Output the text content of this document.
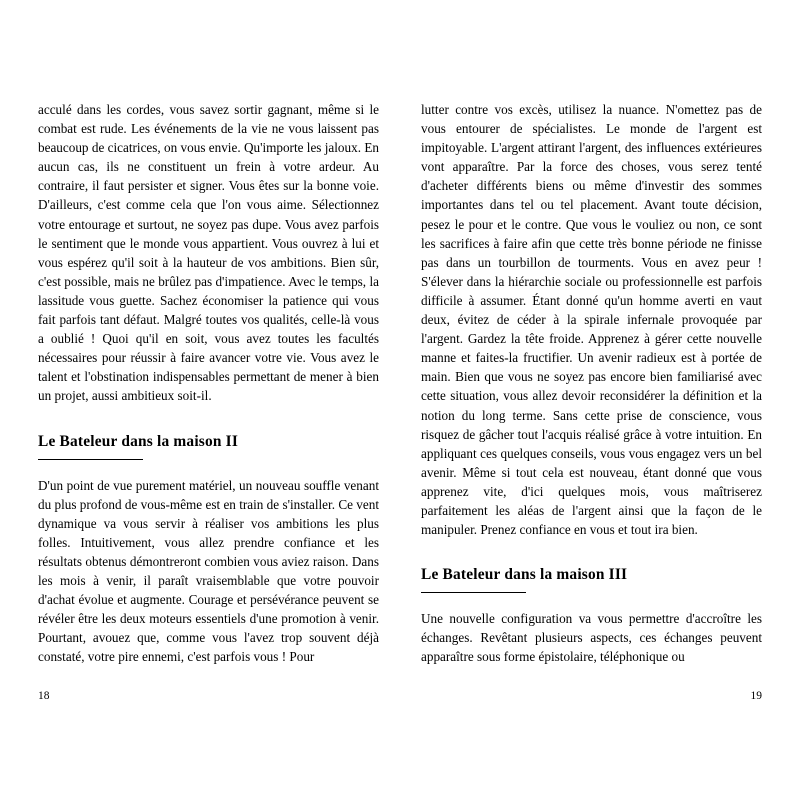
acculé dans les cordes, vous savez sortir gagnant, même si le combat est rude. Les événements de la vie ne vous laissent pas beaucoup de cicatrices, on vous envie. Qu'importe les jaloux. En aucun cas, ils ne constituent un frein à votre ardeur. Au contraire, il faut persister et signer. Vous êtes sur la bonne voie. D'ailleurs, c'est comme cela que l'on vous aime. Sélectionnez votre entourage et surtout, ne soyez pas dupe. Vous avez parfois le sentiment que le monde vous appartient. Vous ouvrez à lui et vous espérez qu'il soit à la hauteur de vos ambitions. Bien sûr, c'est possible, mais ne brûlez pas d'impatience. Avec le temps, la lassitude vous guette. Sachez économiser la patience qui vous fait parfois tant défaut. Malgré toutes vos qualités, celle-là vous a oublié ! Quoi qu'il en soit, vous avez toutes les facultés nécessaires pour réussir à faire avancer votre vie. Vous avez le talent et l'obstination indispensables permettant de mener à bien un projet, aussi ambitieux soit-il.

Le Bateleur dans la maison II

D'un point de vue purement matériel, un nouveau souffle venant du plus profond de vous-même est en train de s'installer. Ce vent dynamique va vous servir à réaliser vos ambitions les plus folles. Intuitivement, vous allez prendre confiance et les résultats obtenus démontreront combien vous aviez raison. Dans les mois à venir, il paraît vraisemblable que votre pouvoir d'achat évolue et augmente. Courage et persévérance peuvent se révéler être les deux moteurs essentiels d'une promotion à venir. Pourtant, avouez que, comme vous l'avez trop souvent déjà constaté, votre pire ennemi, c'est parfois vous ! Pour

lutter contre vos excès, utilisez la nuance. N'omettez pas de vous entourer de spécialistes. Le monde de l'argent est impitoyable. L'argent attirant l'argent, des influences extérieures vont apparaître. Par la force des choses, vous serez tenté d'acheter différents biens ou même d'investir des sommes importantes dans tel ou tel placement. Avant toute décision, pesez le pour et le contre. Que vous le vouliez ou non, ce sont les sacrifices à faire afin que cette très bonne période ne finisse pas dans un tourbillon de tourments. Vous en avez peur ! S'élever dans la hiérarchie sociale ou professionnelle est parfois difficile à assumer. Étant donné qu'un homme averti en vaut deux, évitez de céder à la spirale infernale provoquée par l'argent. Gardez la tête froide. Apprenez à gérer cette nouvelle manne et faites-la fructifier. Un avenir radieux est à portée de main. Bien que vous ne soyez pas encore bien familiarisé avec cette situation, vous allez devoir reconsidérer la définition et la notion du long terme. Sans cette prise de conscience, vous risquez de gâcher tout l'acquis réalisé grâce à votre intuition. En appliquant ces quelques conseils, vous vous engagez vers un bel avenir. Même si tout cela est nouveau, étant donné que vous apprenez vite, d'ici quelques mois, vous maîtriserez parfaitement les aléas de l'argent ainsi que la façon de le manipuler. Prenez confiance en vous et tout ira bien.

Le Bateleur dans la maison III

Une nouvelle configuration va vous permettre d'accroître les échanges. Revêtant plusieurs aspects, ces échanges peuvent apparaître sous forme épistolaire, téléphonique ou

18	19
